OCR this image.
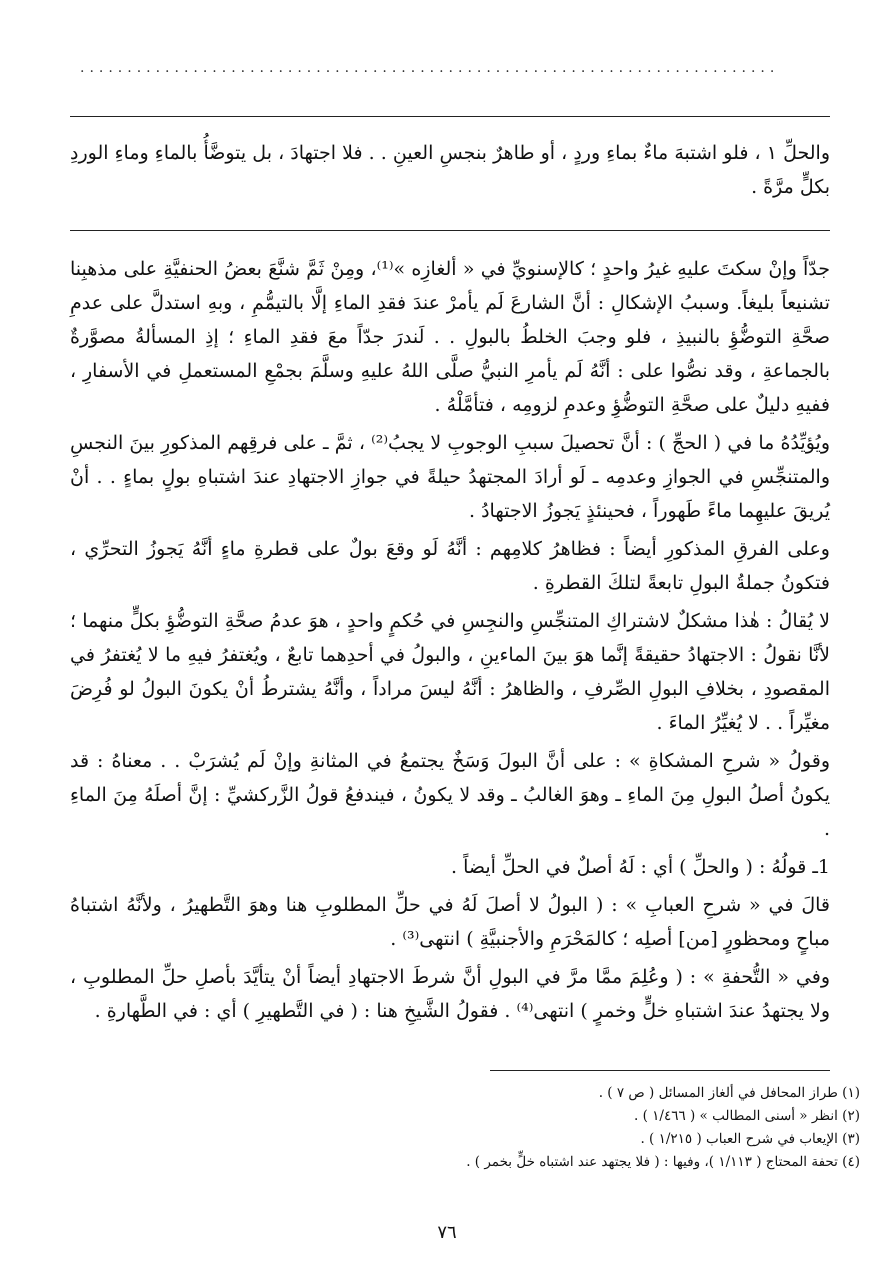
..........................................................................
والحلِّ ١ ، فلو اشتبهَ ماءٌ بماءِ وردٍ ، أو طاهرٌ بنجسِ العينِ . . فلا اجتهادَ ، بل يتوضَّأُ بالماءِ وماءِ الوردِ بكلٍّ مرَّةً .

جدّاً وإنْ سكتَ عليهِ غيرُ واحدٍ ؛ كالإسنويِّ في « ألغازِه »⁽¹⁾، ومِنْ ثَمَّ شنَّعَ بعضُ الحنفيَّةِ على مذهبِنا تشنيعاً بليغاً. وسببُ الإشكالِ : أنَّ الشارعَ لَم يأمرْ عندَ فقدِ الماءِ إلَّا بالتيمُّمِ ، وبهِ استدلَّ على عدمِ صحَّةِ التوضُّؤِ بالنبيذِ ، فلو وجبَ الخلطُ بالبولِ . . لَندرَ جدّاً معَ فقدِ الماءِ ؛ إذِ المسألةُ مصوَّرةٌ بالجماعةِ ، وقد نصُّوا على : أنَّهُ لَم يأمرِ النبيُّ صلَّى اللهُ عليهِ وسلَّمَ بجمْعِ المستعملِ في الأسفارِ ، ففيهِ دليلٌ على صحَّةِ التوضُّؤِ وعدمِ لزومِه ، فتأمَّلْهُ .

ويُؤيِّدُهُ ما في ( الحجِّ ) : أنَّ تحصيلَ سببِ الوجوبِ لا يجبُ⁽²⁾ ، ثمَّ ـ على فرقِهم المذكورِ بينَ النجسِ والمتنجِّسِ في الجوازِ وعدمِه ـ لَو أرادَ المجتهدُ حيلةً في جوازِ الاجتهادِ عندَ اشتباهِ بولٍ بماءٍ . . أنْ يُريقَ عليهِما ماءً طَهوراً ، فحينئذٍ يَجوزُ الاجتهادُ .

وعلى الفرقِ المذكورِ أيضاً : فظاهرُ كلامِهم : أنَّهُ لَو وقعَ بولٌ على قطرةِ ماءٍ أنَّهُ يَجوزُ التحرِّي ، فتكونُ جملةُ البولِ تابعةً لتلكَ القطرةِ .

لا يُقالُ : هٰذا مشكلٌ لاشتراكِ المتنجِّسِ والنجِسِ في حُكمٍ واحدٍ ، هوَ عدمُ صحَّةِ التوضُّؤِ بكلٍّ منهما ؛ لأنَّا نقولُ : الاجتهادُ حقيقةً إنَّما هوَ بينَ الماءينِ ، والبولُ في أحدِهما تابعٌ ، ويُغتفرُ فيهِ ما لا يُغتفرُ في المقصودِ ، بخلافِ البولِ الصِّرفِ ، والظاهرُ : أنَّهُ ليسَ مراداً ، وأنَّهُ يشترطُ أنْ يكونَ البولُ لو فُرِضَ مغيِّراً . . لا يُغيِّرُ الماءَ .

وقولُ « شرحِ المشكاةِ » : على أنَّ البولَ وَسَخٌ يجتمعُ في المثانةِ وإنْ لَم يُشرَبْ . . معناهُ : قد يكونُ أصلُ البولِ مِنَ الماءِ ـ وهوَ الغالبُ ـ وقد لا يكونُ ، فيندفعُ قولُ الزَّركشيِّ : إنَّ أصلَهُ مِنَ الماءِ .

1ـ قولُهُ : ( والحلِّ ) أي : لَهُ أصلٌ في الحلِّ أيضاً .

قالَ في « شرحِ العبابِ » : ( البولُ لا أصلَ لَهُ في حلِّ المطلوبِ هنا وهوَ التَّطهيرُ ، ولأنَّهُ اشتباهُ مباحٍ ومحظورٍ [من] أصلِه ؛ كالمَحْرَمِ والأجنبيَّةِ ) انتهى⁽³⁾ .

وفي « التُّحفةِ » : ( وعُلِمَ ممَّا مرَّ في البولِ أنَّ شرطَ الاجتهادِ أيضاً أنْ يتأيَّدَ بأصلِ حلِّ المطلوبِ ، ولا يجتهدُ عندَ اشتباهِ خلٍّ وخمرٍ ) انتهى⁽⁴⁾ . فقولُ الشَّيخِ هنا : ( في التَّطهيرِ ) أي : في الطَّهارةِ .

(١) طراز المحافل في ألغاز المسائل ( ص ٧ ) .
(٢) انظر « أسنى المطالب » ( ١/٤٦٦ ) .
(٣) الإيعاب في شرح العباب ( ١/٢١٥ ) .
(٤) تحفة المحتاج ( ١/١١٣ )، وفيها : ( فلا يجتهد عند اشتباه خلٍّ بخمر ) .
٧٦
